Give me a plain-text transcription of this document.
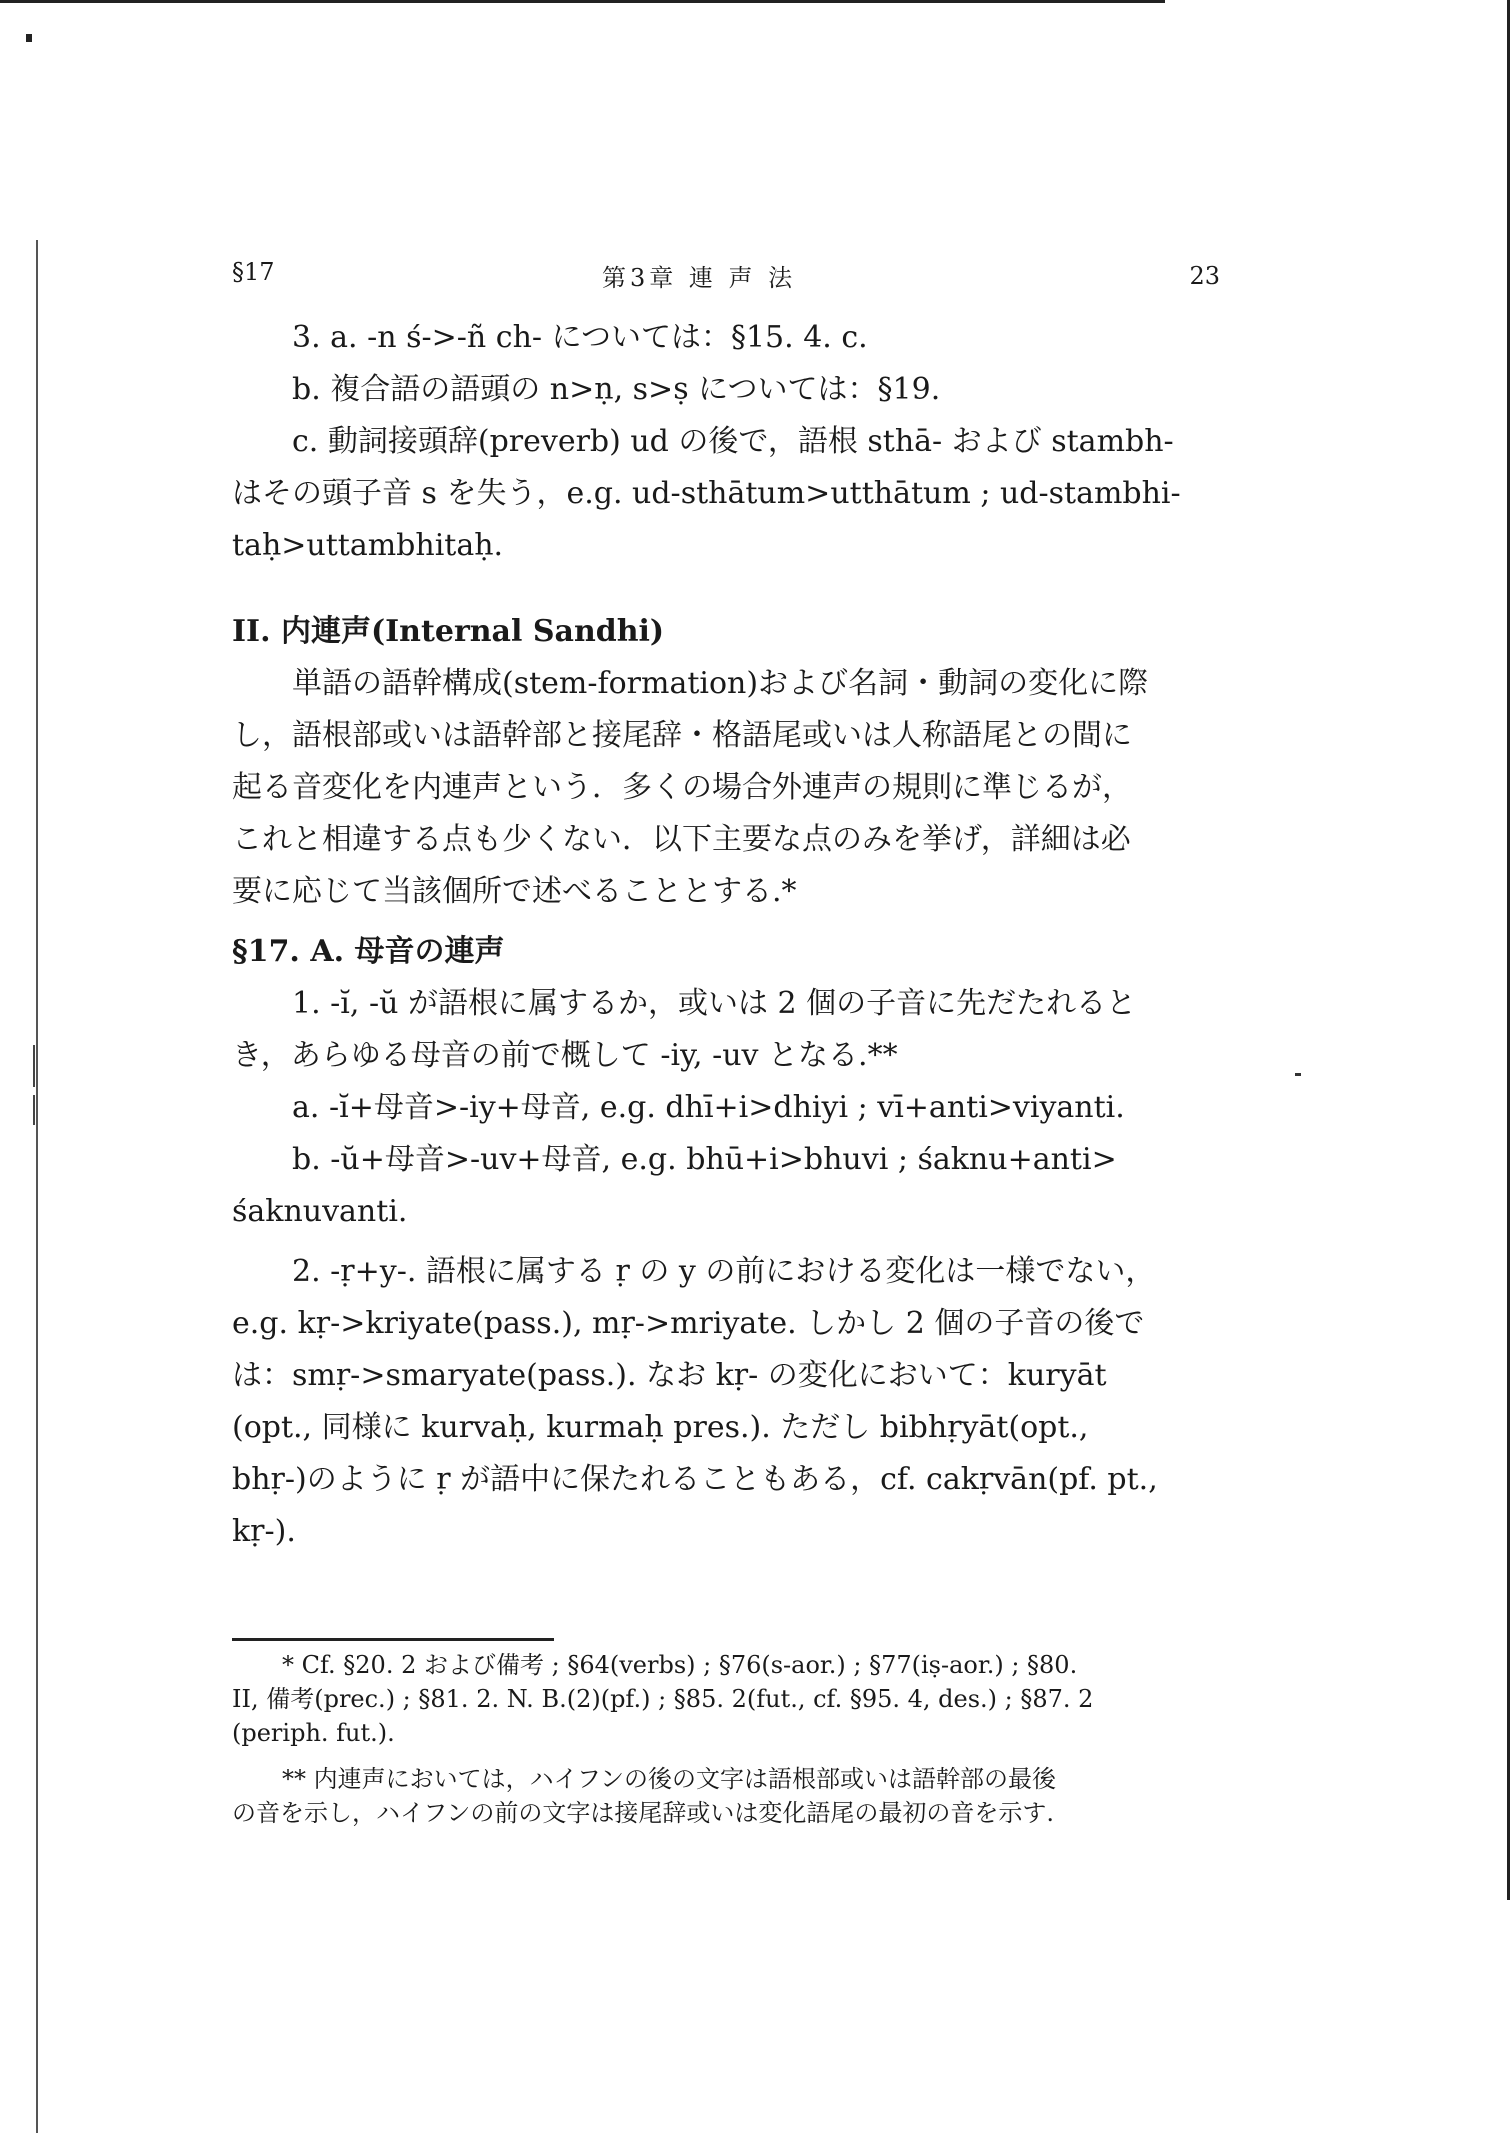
§17	第3章 連 声 法	23
3. a. -n ś->-ñ ch- については：§15. 4. c.
b. 複合語の語頭の n>ṇ, s>ṣ については：§19.
c. 動詞接頭辞(preverb) ud の後で，語根 sthā- および stambh-
はその頭子音 s を失う，e.g. ud-sthātum>utthātum ; ud-stambhi-
taḥ>uttambhitaḥ.
II. 内連声(Internal Sandhi)
単語の語幹構成(stem-formation)および名詞・動詞の変化に際
し，語根部或いは語幹部と接尾辞・格語尾或いは人称語尾との間に
起る音変化を内連声という．多くの場合外連声の規則に準じるが，
これと相違する点も少くない．以下主要な点のみを挙げ，詳細は必
要に応じて当該個所で述べることとする.*
§17. A. 母音の連声
1. -ĭ, -ŭ が語根に属するか，或いは 2 個の子音に先だたれると
き，あらゆる母音の前で概して -iy, -uv となる.**
a. -ĭ+母音>-iy+母音, e.g. dhī+i>dhiyi ; vī+anti>viyanti.
b. -ŭ+母音>-uv+母音, e.g. bhū+i>bhuvi ; śaknu+anti>
śaknuvanti.
2. -ṛ+y-. 語根に属する ṛ の y の前における変化は一様でない，
e.g. kṛ->kriyate(pass.), mṛ->mriyate. しかし 2 個の子音の後で
は：smṛ->smaryate(pass.). なお kṛ- の変化において：kuryāt
(opt., 同様に kurvaḥ, kurmaḥ pres.). ただし bibhṛyāt(opt.,
bhṛ-)のように ṛ が語中に保たれることもある，cf. cakṛvān(pf. pt.,
kṛ-).
* Cf. §20. 2 および備考 ; §64(verbs) ; §76(s-aor.) ; §77(iṣ-aor.) ; §80.
II, 備考(prec.) ; §81. 2. N. B.(2)(pf.) ; §85. 2(fut., cf. §95. 4, des.) ; §87. 2
(periph. fut.).
** 内連声においては，ハイフンの後の文字は語根部或いは語幹部の最後
の音を示し，ハイフンの前の文字は接尾辞或いは変化語尾の最初の音を示す.
